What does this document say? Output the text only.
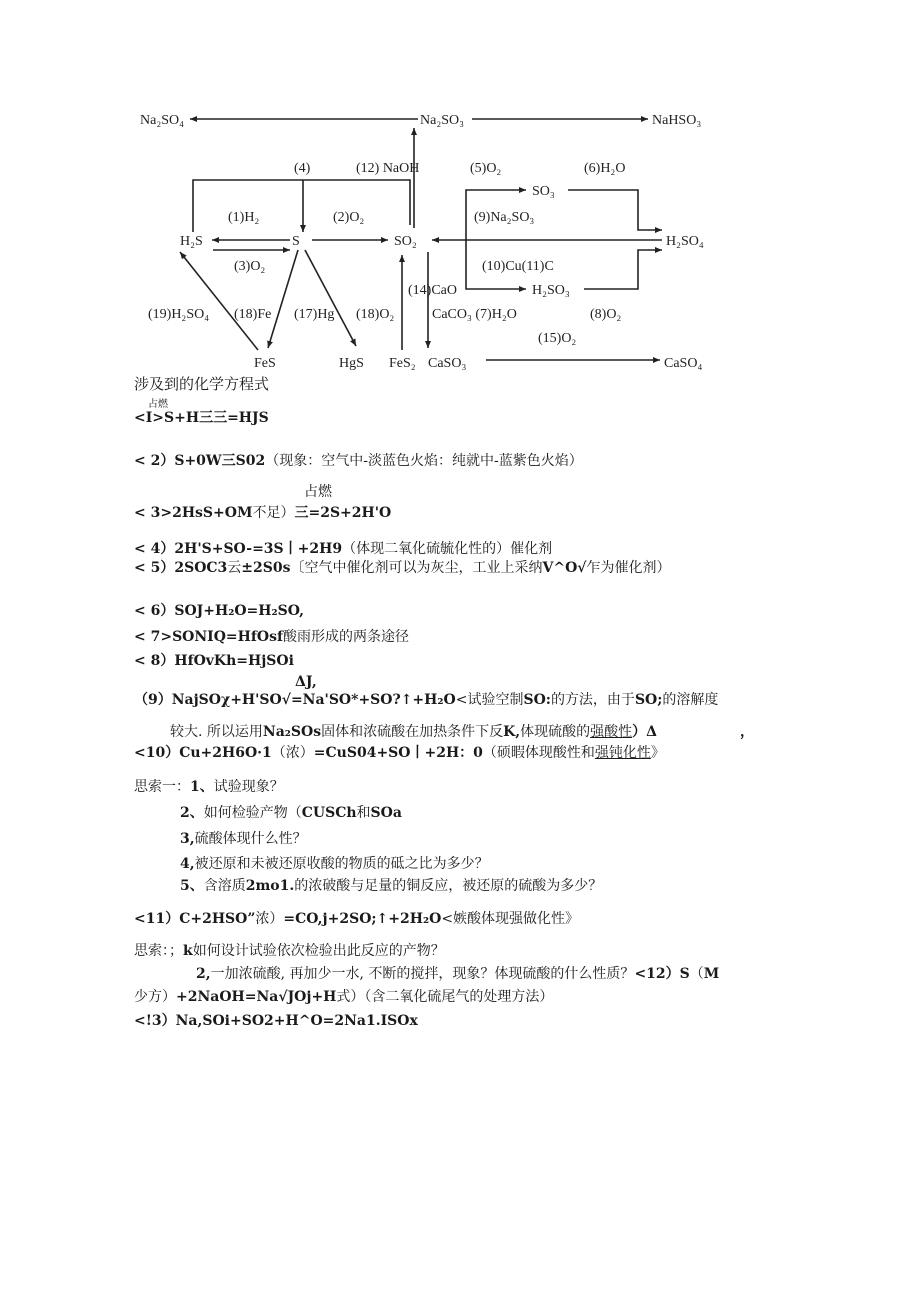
Na₂SO₄	Na₂SO₃	NaHSO₃
H₂S	S	SO₂
SO₃
H₂SO₄
H₂SO₃
FeS	HgS FeS₂ CaSO₃	CaSO₄
(4)	(12) NaOH	(5)O₂	(6)H₂O
(1)H₂	(2)O₂	(9)Na₂SO₃
(3)O₂	(10)Cu(11)C
(14)CaO
(19)H₂SO₄ (18)Fe (17)Hg (18)O₂	CaCO₃ (7)H₂O	(8)O₂
(15)O₂
涉及到的化学方程式
占燃
<I>S+H三三=HJS
< 2）S+0W三S02（现象：空气中-淡蓝色火焰：纯就中-蓝紫色火焰）
占燃
< 3>2HsS+OM不足）三=2S+2H'O
< 4）2H'S+SO-=3S丨+2H9（体现二氧化硫毓化性的）催化剂
< 5）2SOC3云±2S0s〔空气中催化剂可以为灰尘，工业上采纳V^O√乍为催化剂）
< 6）SOJ+H₂O=H₂SO,
< 7>SONIQ=HfOsf酸雨形成的两条途径
< 8）HfOvKh=HjSOi
ΔJ,
（9）NajSOχ+H'SO√=Na'SO*+SO?↑+H₂O<试验空制SO:的方法，由于SO;的溶解度
较大. 所以运用Na₂SOs固体和浓硫酸在加热条件下反K,体现硫酸的强酸性）Δ	，
<10）Cu+2H6O·1（浓）=CuS04+SO丨+2H：0（硕暇体现酸性和强钝化性》
思索一：1、试验现象？
2、如何检验产物（CUSCh和SOa
3,硫酸体现什么性？
4,被还原和未被还原收酸的物质的砥之比为多少？
5、含溶质2mo1.的浓破酸与足量的铜反应，被还原的硫酸为多少？
<11）C+2HSO”浓）=CO,j+2SO;↑+2H₂O<嫉酸体现强做化性》
思索：；k如何设计试验依次检验出此反应的产物？
2,一加浓硫酸, 再加少一水, 不断的搅拌，现象？体现硫酸的什么性质？<12）S（M
少方）+2NaOH=Na√JOj+H式）（含二氧化硫尾气的处理方法）
<!3）Na,SOi+SO2+H^O=2Na1.ISOx
